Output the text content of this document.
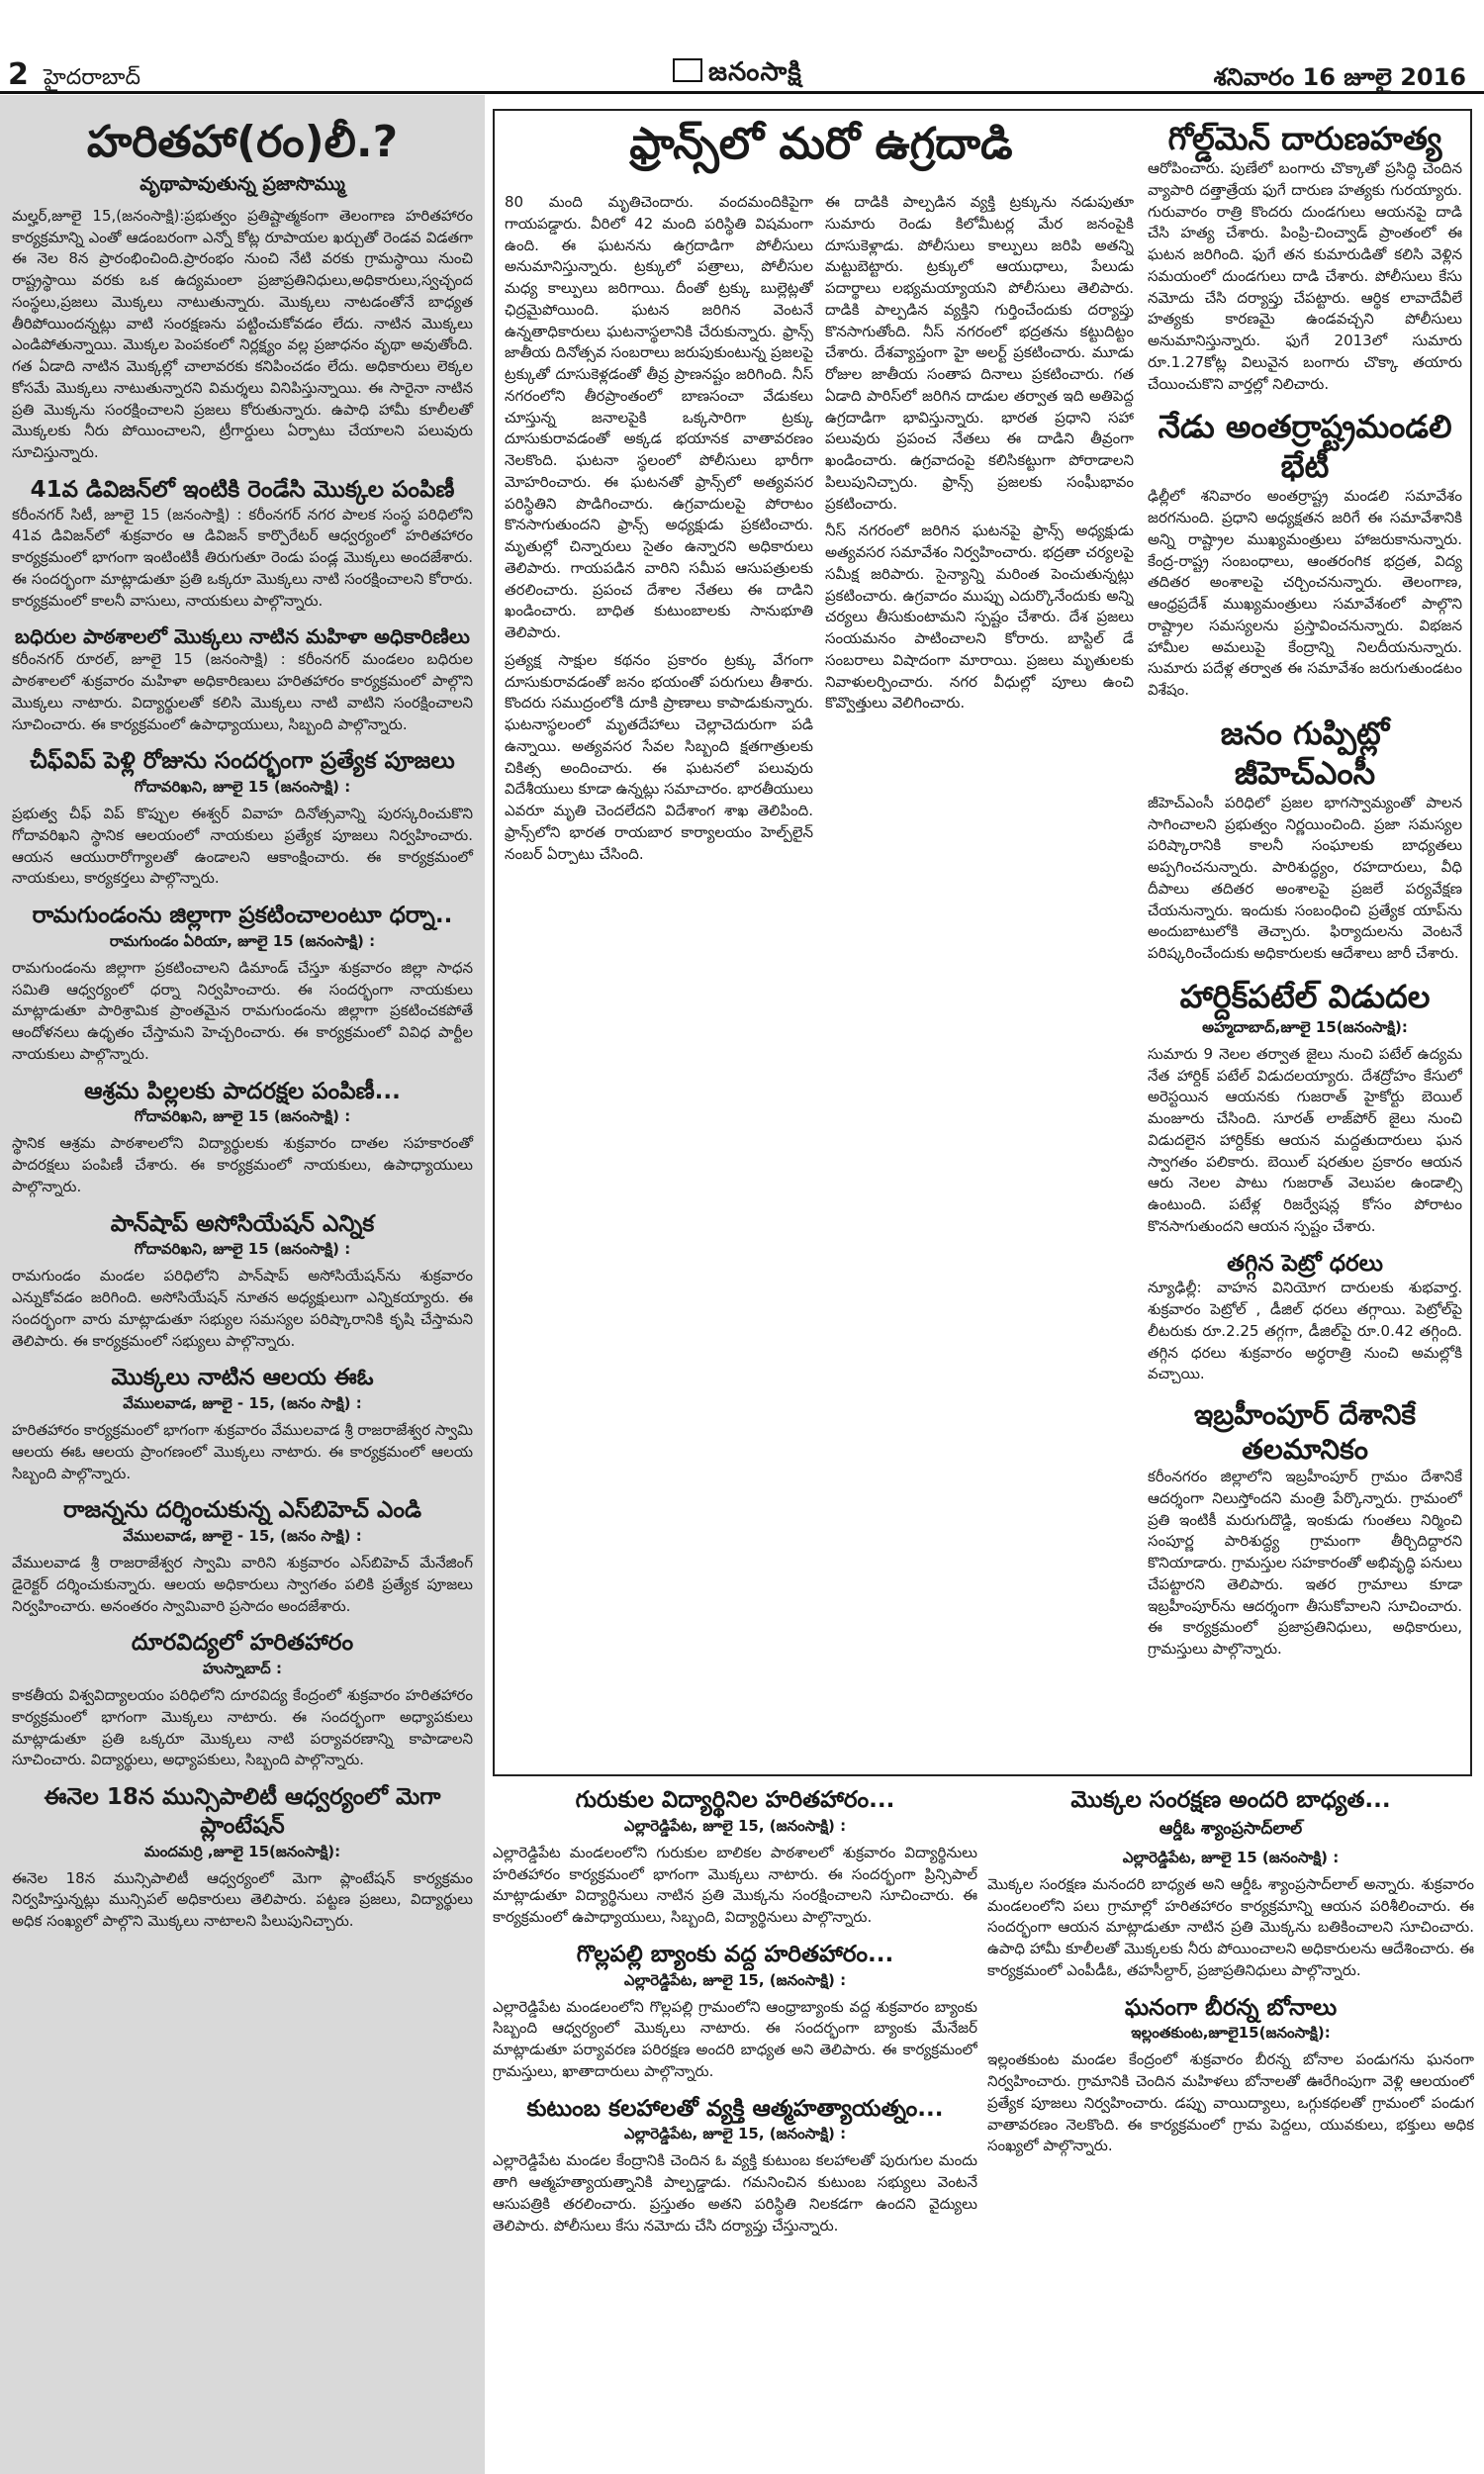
2 హైదరాబాద్	జనంసాక్షి	శనివారం 16 జూలై 2016
హరితహా(రం)లీ.?
వృథాపావుతున్న ప్రజాసొమ్ము

మల్హర్,జూలై 15,(జనంసాక్షి):ప్రభుత్వం ప్రతిష్టాత్మకంగా తెలంగాణ హరితహారం కార్యక్రమాన్ని ఎంతో ఆడంబరంగా ఎన్నో కోట్ల రూపాయల ఖర్చుతో రెండవ విడతగా ఈ నెల 8న ప్రారంభించింది.ప్రారంభం నుంచి నేటి వరకు గ్రామస్థాయి నుంచి రాష్ట్రస్థాయి వరకు ఒక ఉద్యమంలా ప్రజాప్రతినిధులు,అధికారులు,స్వచ్ఛంద సంస్థలు,ప్రజలు మొక్కలు నాటుతున్నారు. మొక్కలు నాటడంతోనే బాధ్యత తీరిపోయిందన్నట్లు వాటి సంరక్షణను పట్టించుకోవడం లేదు. నాటిన మొక్కలు ఎండిపోతున్నాయి. మొక్కల పెంపకంలో నిర్లక్ష్యం వల్ల ప్రజాధనం వృథా అవుతోంది. గత ఏడాది నాటిన మొక్కల్లో చాలావరకు కనిపించడం లేదు. అధికారులు లెక్కల కోసమే మొక్కలు నాటుతున్నారని విమర్శలు వినిపిస్తున్నాయి. ఈ సారైనా నాటిన ప్రతి మొక్కను సంరక్షించాలని ప్రజలు కోరుతున్నారు. ఉపాధి హామీ కూలీలతో మొక్కలకు నీరు పోయించాలని, ట్రీగార్డులు ఏర్పాటు చేయాలని పలువురు సూచిస్తున్నారు.

41వ డివిజన్‌లో ఇంటికి రెండేసి మొక్కల పంపిణీ

కరీంనగర్ సిటీ, జూలై 15 (జనంసాక్షి) : కరీంనగర్ నగర పాలక సంస్థ పరిధిలోని 41వ డివిజన్‌లో శుక్రవారం ఆ డివిజన్ కార్పొరేటర్ ఆధ్వర్యంలో హరితహారం కార్యక్రమంలో భాగంగా ఇంటింటికీ తిరుగుతూ రెండు పండ్ల మొక్కలు అందజేశారు. ఈ సందర్భంగా మాట్లాడుతూ ప్రతి ఒక్కరూ మొక్కలు నాటి సంరక్షించాలని కోరారు. కార్యక్రమంలో కాలనీ వాసులు, నాయకులు పాల్గొన్నారు.

బధిరుల పాఠశాలలో మొక్కలు నాటిన మహిళా అధికారిణిలు

కరీంనగర్ రూరల్, జూలై 15 (జనంసాక్షి) : కరీంనగర్ మండలం బధిరుల పాఠశాలలో శుక్రవారం మహిళా అధికారిణులు హరితహారం కార్యక్రమంలో పాల్గొని మొక్కలు నాటారు. విద్యార్థులతో కలిసి మొక్కలు నాటి వాటిని సంరక్షించాలని సూచించారు. ఈ కార్యక్రమంలో ఉపాధ్యాయులు, సిబ్బంది పాల్గొన్నారు.

చీఫ్‌విప్ పెళ్లి రోజును సందర్భంగా ప్రత్యేక పూజలు
గోదావరిఖని, జూలై 15 (జనంసాక్షి) :

ప్రభుత్వ చీఫ్ విప్ కొప్పుల ఈశ్వర్ వివాహ దినోత్సవాన్ని పురస్కరించుకొని గోదావరిఖని స్థానిక ఆలయంలో నాయకులు ప్రత్యేక పూజలు నిర్వహించారు. ఆయన ఆయురారోగ్యాలతో ఉండాలని ఆకాంక్షించారు. ఈ కార్యక్రమంలో నాయకులు, కార్యకర్తలు పాల్గొన్నారు.

రామగుండంను జిల్లాగా ప్రకటించాలంటూ ధర్నా..
రామగుండం ఏరియా, జూలై 15 (జనంసాక్షి) :

రామగుండంను జిల్లాగా ప్రకటించాలని డిమాండ్ చేస్తూ శుక్రవారం జిల్లా సాధన సమితి ఆధ్వర్యంలో ధర్నా నిర్వహించారు. ఈ సందర్భంగా నాయకులు మాట్లాడుతూ పారిశ్రామిక ప్రాంతమైన రామగుండంను జిల్లాగా ప్రకటించకపోతే ఆందోళనలు ఉధృతం చేస్తామని హెచ్చరించారు. ఈ కార్యక్రమంలో వివిధ పార్టీల నాయకులు పాల్గొన్నారు.

ఆశ్రమ పిల్లలకు పాదరక్షల పంపిణీ...
గోదావరిఖని, జూలై 15 (జనంసాక్షి) :

స్థానిక ఆశ్రమ పాఠశాలలోని విద్యార్థులకు శుక్రవారం దాతల సహకారంతో పాదరక్షలు పంపిణీ చేశారు. ఈ కార్యక్రమంలో నాయకులు, ఉపాధ్యాయులు పాల్గొన్నారు.

పాన్‌షాప్ అసోసియేషన్ ఎన్నిక
గోదావరిఖని, జూలై 15 (జనంసాక్షి) :

రామగుండం మండల పరిధిలోని పాన్‌షాప్ అసోసియేషన్‌ను శుక్రవారం ఎన్నుకోవడం జరిగింది. అసోసియేషన్ నూతన అధ్యక్షులుగా ఎన్నికయ్యారు. ఈ సందర్భంగా వారు మాట్లాడుతూ సభ్యుల సమస్యల పరిష్కారానికి కృషి చేస్తామని తెలిపారు. ఈ కార్యక్రమంలో సభ్యులు పాల్గొన్నారు.

మొక్కలు నాటిన ఆలయ ఈఓ
వేములవాడ, జూలై - 15, (జనం సాక్షి) :

హరితహారం కార్యక్రమంలో భాగంగా శుక్రవారం వేములవాడ శ్రీ రాజరాజేశ్వర స్వామి ఆలయ ఈఓ ఆలయ ప్రాంగణంలో మొక్కలు నాటారు. ఈ కార్యక్రమంలో ఆలయ సిబ్బంది పాల్గొన్నారు.

రాజన్నను దర్శించుకున్న ఎస్‌బిహెచ్ ఎండి
వేములవాడ, జూలై - 15, (జనం సాక్షి) :

వేములవాడ శ్రీ రాజరాజేశ్వర స్వామి వారిని శుక్రవారం ఎస్‌బిహెచ్ మేనేజింగ్ డైరెక్టర్ దర్శించుకున్నారు. ఆలయ అధికారులు స్వాగతం పలికి ప్రత్యేక పూజలు నిర్వహించారు. అనంతరం స్వామివారి ప్రసాదం అందజేశారు.

దూరవిద్యలో హరితహారం
హుస్నాబాద్ :

కాకతీయ విశ్వవిద్యాలయం పరిధిలోని దూరవిద్య కేంద్రంలో శుక్రవారం హరితహారం కార్యక్రమంలో భాగంగా మొక్కలు నాటారు. ఈ సందర్భంగా అధ్యాపకులు మాట్లాడుతూ ప్రతి ఒక్కరూ మొక్కలు నాటి పర్యావరణాన్ని కాపాడాలని సూచించారు. విద్యార్థులు, అధ్యాపకులు, సిబ్బంది పాల్గొన్నారు.

ఈనెల 18న మున్సిపాలిటీ ఆధ్వర్యంలో మెగా ప్లాంటేషన్
మందమర్రి ,జూలై 15(జనంసాక్షి):

ఈనెల 18న మున్సిపాలిటీ ఆధ్వర్యంలో మెగా ప్లాంటేషన్ కార్యక్రమం నిర్వహిస్తున్నట్లు మున్సిపల్ అధికారులు తెలిపారు. పట్టణ ప్రజలు, విద్యార్థులు అధిక సంఖ్యలో పాల్గొని మొక్కలు నాటాలని పిలుపునిచ్చారు.

ఫ్రాన్స్‌లో మరో ఉగ్రదాడి

80 మంది మృతిచెందారు. వందమందికిపైగా గాయపడ్డారు. వీరిలో 42 మంది పరిస్థితి విషమంగా ఉంది. ఈ ఘటనను ఉగ్రదాడిగా పోలీసులు అనుమానిస్తున్నారు. ట్రక్కులో పత్రాలు, పోలీసుల మధ్య కాల్పులు జరిగాయి. దీంతో ట్రక్కు బుల్లెట్లతో ఛిద్రమైపోయింది. ఘటన జరిగిన వెంటనే ఉన్నతాధికారులు ఘటనాస్థలానికి చేరుకున్నారు. ఫ్రాన్స్ జాతీయ దినోత్సవ సంబరాలు జరుపుకుంటున్న ప్రజలపై ట్రక్కుతో దూసుకెళ్లడంతో తీవ్ర ప్రాణనష్టం జరిగింది. నీస్ నగరంలోని తీరప్రాంతంలో బాణసంచా వేడుకలు చూస్తున్న జనాలపైకి ఒక్కసారిగా ట్రక్కు దూసుకురావడంతో అక్కడ భయానక వాతావరణం నెలకొంది. ఘటనా స్థలంలో పోలీసులు భారీగా మోహరించారు. ఈ ఘటనతో ఫ్రాన్స్‌లో అత్యవసర పరిస్థితిని పొడిగించారు. ఉగ్రవాదులపై పోరాటం కొనసాగుతుందని ఫ్రాన్స్ అధ్యక్షుడు ప్రకటించారు. మృతుల్లో చిన్నారులు సైతం ఉన్నారని అధికారులు తెలిపారు. గాయపడిన వారిని సమీప ఆసుపత్రులకు తరలించారు. ప్రపంచ దేశాల నేతలు ఈ దాడిని ఖండించారు. బాధిత కుటుంబాలకు సానుభూతి తెలిపారు.

ప్రత్యక్ష సాక్షుల కథనం ప్రకారం ట్రక్కు వేగంగా దూసుకురావడంతో జనం భయంతో పరుగులు తీశారు. కొందరు సముద్రంలోకి దూకి ప్రాణాలు కాపాడుకున్నారు. ఘటనాస్థలంలో మృతదేహాలు చెల్లాచెదురుగా పడి ఉన్నాయి. అత్యవసర సేవల సిబ్బంది క్షతగాత్రులకు చికిత్స అందించారు. ఈ ఘటనలో పలువురు విదేశీయులు కూడా ఉన్నట్లు సమాచారం. భారతీయులు ఎవరూ మృతి చెందలేదని విదేశాంగ శాఖ తెలిపింది. ఫ్రాన్స్‌లోని భారత రాయబార కార్యాలయం హెల్ప్‌లైన్ నంబర్ ఏర్పాటు చేసింది.

ఈ దాడికి పాల్పడిన వ్యక్తి ట్రక్కును నడుపుతూ సుమారు రెండు కిలోమీటర్ల మేర జనంపైకి దూసుకెళ్లాడు. పోలీసులు కాల్పులు జరిపి అతన్ని మట్టుబెట్టారు. ట్రక్కులో ఆయుధాలు, పేలుడు పదార్థాలు లభ్యమయ్యాయని పోలీసులు తెలిపారు. దాడికి పాల్పడిన వ్యక్తిని గుర్తించేందుకు దర్యాప్తు కొనసాగుతోంది. నీస్ నగరంలో భద్రతను కట్టుదిట్టం చేశారు. దేశవ్యాప్తంగా హై అలర్ట్ ప్రకటించారు. మూడు రోజుల జాతీయ సంతాప దినాలు ప్రకటించారు. గత ఏడాది పారిస్‌లో జరిగిన దాడుల తర్వాత ఇది అతిపెద్ద ఉగ్రదాడిగా భావిస్తున్నారు. భారత ప్రధాని సహా పలువురు ప్రపంచ నేతలు ఈ దాడిని తీవ్రంగా ఖండించారు. ఉగ్రవాదంపై కలిసికట్టుగా పోరాడాలని పిలుపునిచ్చారు. ఫ్రాన్స్ ప్రజలకు సంఘీభావం ప్రకటించారు.

నీస్ నగరంలో జరిగిన ఘటనపై ఫ్రాన్స్ అధ్యక్షుడు అత్యవసర సమావేశం నిర్వహించారు. భద్రతా చర్యలపై సమీక్ష జరిపారు. సైన్యాన్ని మరింత పెంచుతున్నట్లు ప్రకటించారు. ఉగ్రవాదం ముప్పు ఎదుర్కొనేందుకు అన్ని చర్యలు తీసుకుంటామని స్పష్టం చేశారు. దేశ ప్రజలు సంయమనం పాటించాలని కోరారు. బాస్టిల్ డే సంబరాలు విషాదంగా మారాయి. ప్రజలు మృతులకు నివాళులర్పించారు. నగర వీధుల్లో పూలు ఉంచి కొవ్వొత్తులు వెలిగించారు.

గోల్డ్‌మెన్ దారుణహత్య

ఆరోపించారు. పుణేలో బంగారు చొక్కాతో ప్రసిద్ధి చెందిన వ్యాపారి దత్తాత్రేయ ఫుగే దారుణ హత్యకు గురయ్యారు. గురువారం రాత్రి కొందరు దుండగులు ఆయనపై దాడి చేసి హత్య చేశారు. పింప్రి-చించ్వాడ్ ప్రాంతంలో ఈ ఘటన జరిగింది. ఫుగే తన కుమారుడితో కలిసి వెళ్లిన సమయంలో దుండగులు దాడి చేశారు. పోలీసులు కేసు నమోదు చేసి దర్యాప్తు చేపట్టారు. ఆర్థిక లావాదేవీలే హత్యకు కారణమై ఉండవచ్చని పోలీసులు అనుమానిస్తున్నారు. ఫుగే 2013లో సుమారు రూ.1.27కోట్ల విలువైన బంగారు చొక్కా తయారు చేయించుకొని వార్తల్లో నిలిచారు.

నేడు అంతర్రాష్ట్రమండలి భేటీ

ఢిల్లీలో శనివారం అంతర్రాష్ట్ర మండలి సమావేశం జరగనుంది. ప్రధాని అధ్యక్షతన జరిగే ఈ సమావేశానికి అన్ని రాష్ట్రాల ముఖ్యమంత్రులు హాజరుకానున్నారు. కేంద్ర-రాష్ట్ర సంబంధాలు, ఆంతరంగిక భద్రత, విద్య తదితర అంశాలపై చర్చించనున్నారు. తెలంగాణ, ఆంధ్రప్రదేశ్ ముఖ్యమంత్రులు సమావేశంలో పాల్గొని రాష్ట్రాల సమస్యలను ప్రస్తావించనున్నారు. విభజన హామీల అమలుపై కేంద్రాన్ని నిలదీయనున్నారు. సుమారు పదేళ్ల తర్వాత ఈ సమావేశం జరుగుతుండటం విశేషం.

జనం గుప్పిట్లో జీహెచ్ఎంసీ

జీహెచ్ఎంసీ పరిధిలో ప్రజల భాగస్వామ్యంతో పాలన సాగించాలని ప్రభుత్వం నిర్ణయించింది. ప్రజా సమస్యల పరిష్కారానికి కాలనీ సంఘాలకు బాధ్యతలు అప్పగించనున్నారు. పారిశుద్ధ్యం, రహదారులు, వీధి దీపాలు తదితర అంశాలపై ప్రజలే పర్యవేక్షణ చేయనున్నారు. ఇందుకు సంబంధించి ప్రత్యేక యాప్‌ను అందుబాటులోకి తెచ్చారు. ఫిర్యాదులను వెంటనే పరిష్కరించేందుకు అధికారులకు ఆదేశాలు జారీ చేశారు.

హార్దిక్‌పటేల్ విడుదల
అహ్మదాబాద్,జూలై 15(జనంసాక్షి):

సుమారు 9 నెలల తర్వాత జైలు నుంచి పటేల్ ఉద్యమ నేత హార్దిక్ పటేల్ విడుదలయ్యారు. దేశద్రోహం కేసులో అరెస్టయిన ఆయనకు గుజరాత్ హైకోర్టు బెయిల్ మంజూరు చేసింది. సూరత్ లాజ్‌పోర్ జైలు నుంచి విడుదలైన హార్దిక్‌కు ఆయన మద్దతుదారులు ఘన స్వాగతం పలికారు. బెయిల్ షరతుల ప్రకారం ఆయన ఆరు నెలల పాటు గుజరాత్ వెలుపల ఉండాల్సి ఉంటుంది. పటేళ్ల రిజర్వేషన్ల కోసం పోరాటం కొనసాగుతుందని ఆయన స్పష్టం చేశారు.

తగ్గిన పెట్రో ధరలు

న్యూఢిల్లీ: వాహన వినియోగ దారులకు శుభవార్త. శుక్రవారం పెట్రోల్ , డీజిల్ ధరలు తగ్గాయి. పెట్రోల్‌పై లీటరుకు రూ.2.25 తగ్గగా, డీజిల్‌పై రూ.0.42 తగ్గింది. తగ్గిన ధరలు శుక్రవారం అర్ధరాత్రి నుంచి అమల్లోకి వచ్చాయి.

ఇబ్రహీంపూర్ దేశానికే తలమానికం

కరీంనగరం జిల్లాలోని ఇబ్రహీంపూర్ గ్రామం దేశానికే ఆదర్శంగా నిలుస్తోందని మంత్రి పేర్కొన్నారు. గ్రామంలో ప్రతి ఇంటికీ మరుగుదొడ్డి, ఇంకుడు గుంతలు నిర్మించి సంపూర్ణ పారిశుద్ధ్య గ్రామంగా తీర్చిదిద్దారని కొనియాడారు. గ్రామస్తుల సహకారంతో అభివృద్ధి పనులు చేపట్టారని తెలిపారు. ఇతర గ్రామాలు కూడా ఇబ్రహీంపూర్‌ను ఆదర్శంగా తీసుకోవాలని సూచించారు. ఈ కార్యక్రమంలో ప్రజాప్రతినిధులు, అధికారులు, గ్రామస్తులు పాల్గొన్నారు.

గురుకుల విద్యార్థినిల హరితహారం...
ఎల్లారెడ్డిపేట, జూలై 15, (జనంసాక్షి) :

ఎల్లారెడ్డిపేట మండలంలోని గురుకుల బాలికల పాఠశాలలో శుక్రవారం విద్యార్థినులు హరితహారం కార్యక్రమంలో భాగంగా మొక్కలు నాటారు. ఈ సందర్భంగా ప్రిన్సిపాల్ మాట్లాడుతూ విద్యార్థినులు నాటిన ప్రతి మొక్కను సంరక్షించాలని సూచించారు. ఈ కార్యక్రమంలో ఉపాధ్యాయులు, సిబ్బంది, విద్యార్థినులు పాల్గొన్నారు.

గొల్లపల్లి బ్యాంకు వద్ద హరితహారం...
ఎల్లారెడ్డిపేట, జూలై 15, (జనంసాక్షి) :

ఎల్లారెడ్డిపేట మండలంలోని గొల్లపల్లి గ్రామంలోని ఆంధ్రాబ్యాంకు వద్ద శుక్రవారం బ్యాంకు సిబ్బంది ఆధ్వర్యంలో మొక్కలు నాటారు. ఈ సందర్భంగా బ్యాంకు మేనేజర్ మాట్లాడుతూ పర్యావరణ పరిరక్షణ అందరి బాధ్యత అని తెలిపారు. ఈ కార్యక్రమంలో గ్రామస్తులు, ఖాతాదారులు పాల్గొన్నారు.

కుటుంబ కలహాలతో వ్యక్తి ఆత్మహత్యాయత్నం...
ఎల్లారెడ్డిపేట, జూలై 15, (జనంసాక్షి) :

ఎల్లారెడ్డిపేట మండల కేంద్రానికి చెందిన ఓ వ్యక్తి కుటుంబ కలహాలతో పురుగుల మందు తాగి ఆత్మహత్యాయత్నానికి పాల్పడ్డాడు. గమనించిన కుటుంబ సభ్యులు వెంటనే ఆసుపత్రికి తరలించారు. ప్రస్తుతం అతని పరిస్థితి నిలకడగా ఉందని వైద్యులు తెలిపారు. పోలీసులు కేసు నమోదు చేసి దర్యాప్తు చేస్తున్నారు.

మొక్కల సంరక్షణ అందరి బాధ్యత...
ఆర్డీఓ శ్యాంప్రసాద్‌లాల్
ఎల్లారెడ్డిపేట, జూలై 15 (జనంసాక్షి) :

మొక్కల సంరక్షణ మనందరి బాధ్యత అని ఆర్డీఓ శ్యాంప్రసాద్‌లాల్ అన్నారు. శుక్రవారం మండలంలోని పలు గ్రామాల్లో హరితహారం కార్యక్రమాన్ని ఆయన పరిశీలించారు. ఈ సందర్భంగా ఆయన మాట్లాడుతూ నాటిన ప్రతి మొక్కను బతికించాలని సూచించారు. ఉపాధి హామీ కూలీలతో మొక్కలకు నీరు పోయించాలని అధికారులను ఆదేశించారు. ఈ కార్యక్రమంలో ఎంపీడీఓ, తహసీల్దార్, ప్రజాప్రతినిధులు పాల్గొన్నారు.

ఘనంగా బీరన్న బోనాలు
ఇల్లంతకుంట,జూలై15(జనంసాక్షి):

ఇల్లంతకుంట మండల కేంద్రంలో శుక్రవారం బీరన్న బోనాల పండుగను ఘనంగా నిర్వహించారు. గ్రామానికి చెందిన మహిళలు బోనాలతో ఊరేగింపుగా వెళ్లి ఆలయంలో ప్రత్యేక పూజలు నిర్వహించారు. డప్పు వాయిద్యాలు, ఒగ్గుకథలతో గ్రామంలో పండుగ వాతావరణం నెలకొంది. ఈ కార్యక్రమంలో గ్రామ పెద్దలు, యువకులు, భక్తులు అధిక సంఖ్యలో పాల్గొన్నారు.
